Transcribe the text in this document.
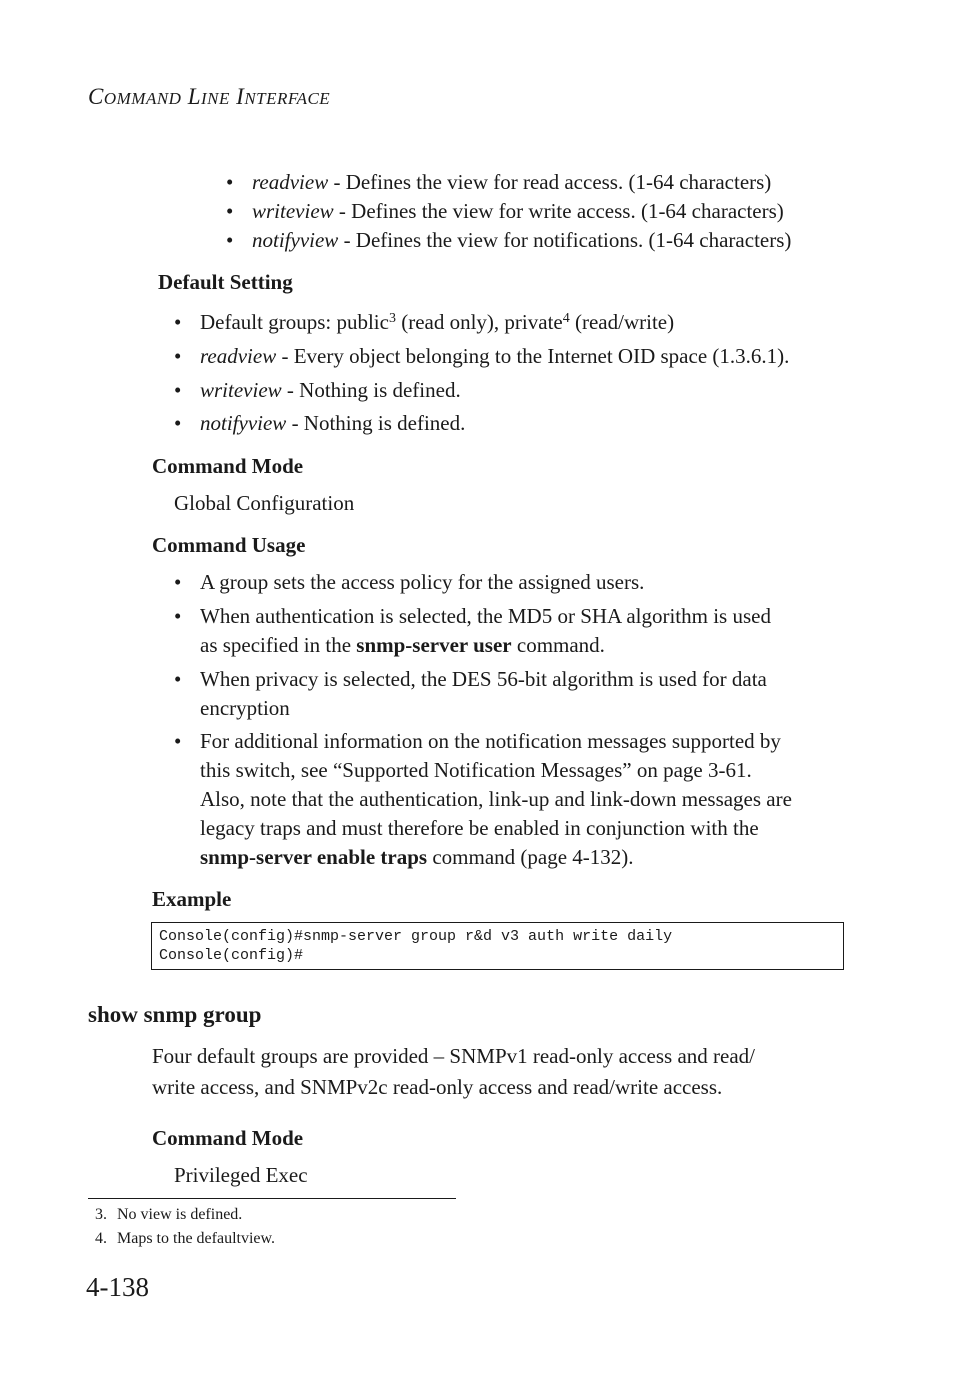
COMMAND LINE INTERFACE
• readview - Defines the view for read access. (1-64 characters)
• writeview - Defines the view for write access. (1-64 characters)
• notifyview - Defines the view for notifications. (1-64 characters)
Default Setting
• Default groups: public$^3$ (read only), private$^4$ (read/write)
• readview - Every object belonging to the Internet OID space (1.3.6.1).
• writeview - Nothing is defined.
• notifyview - Nothing is defined.
Command Mode
Global Configuration
Command Usage
• A group sets the access policy for the assigned users.
• When authentication is selected, the MD5 or SHA algorithm is used
as specified in the snmp-server user command.
• When privacy is selected, the DES 56-bit algorithm is used for data
encryption
• For additional information on the notification messages supported by
this switch, see “Supported Notification Messages” on page 3-61.
Also, note that the authentication, link-up and link-down messages are
legacy traps and must therefore be enabled in conjunction with the
snmp-server enable traps command (page 4-132).
Example
Console(config)#snmp-server group r&d v3 auth write daily
Console(config)#
show snmp group
Four default groups are provided – SNMPv1 read-only access and read/
write access, and SNMPv2c read-only access and read/write access.
Command Mode
Privileged Exec
3. No view is defined.
4. Maps to the defaultview.
4-138
